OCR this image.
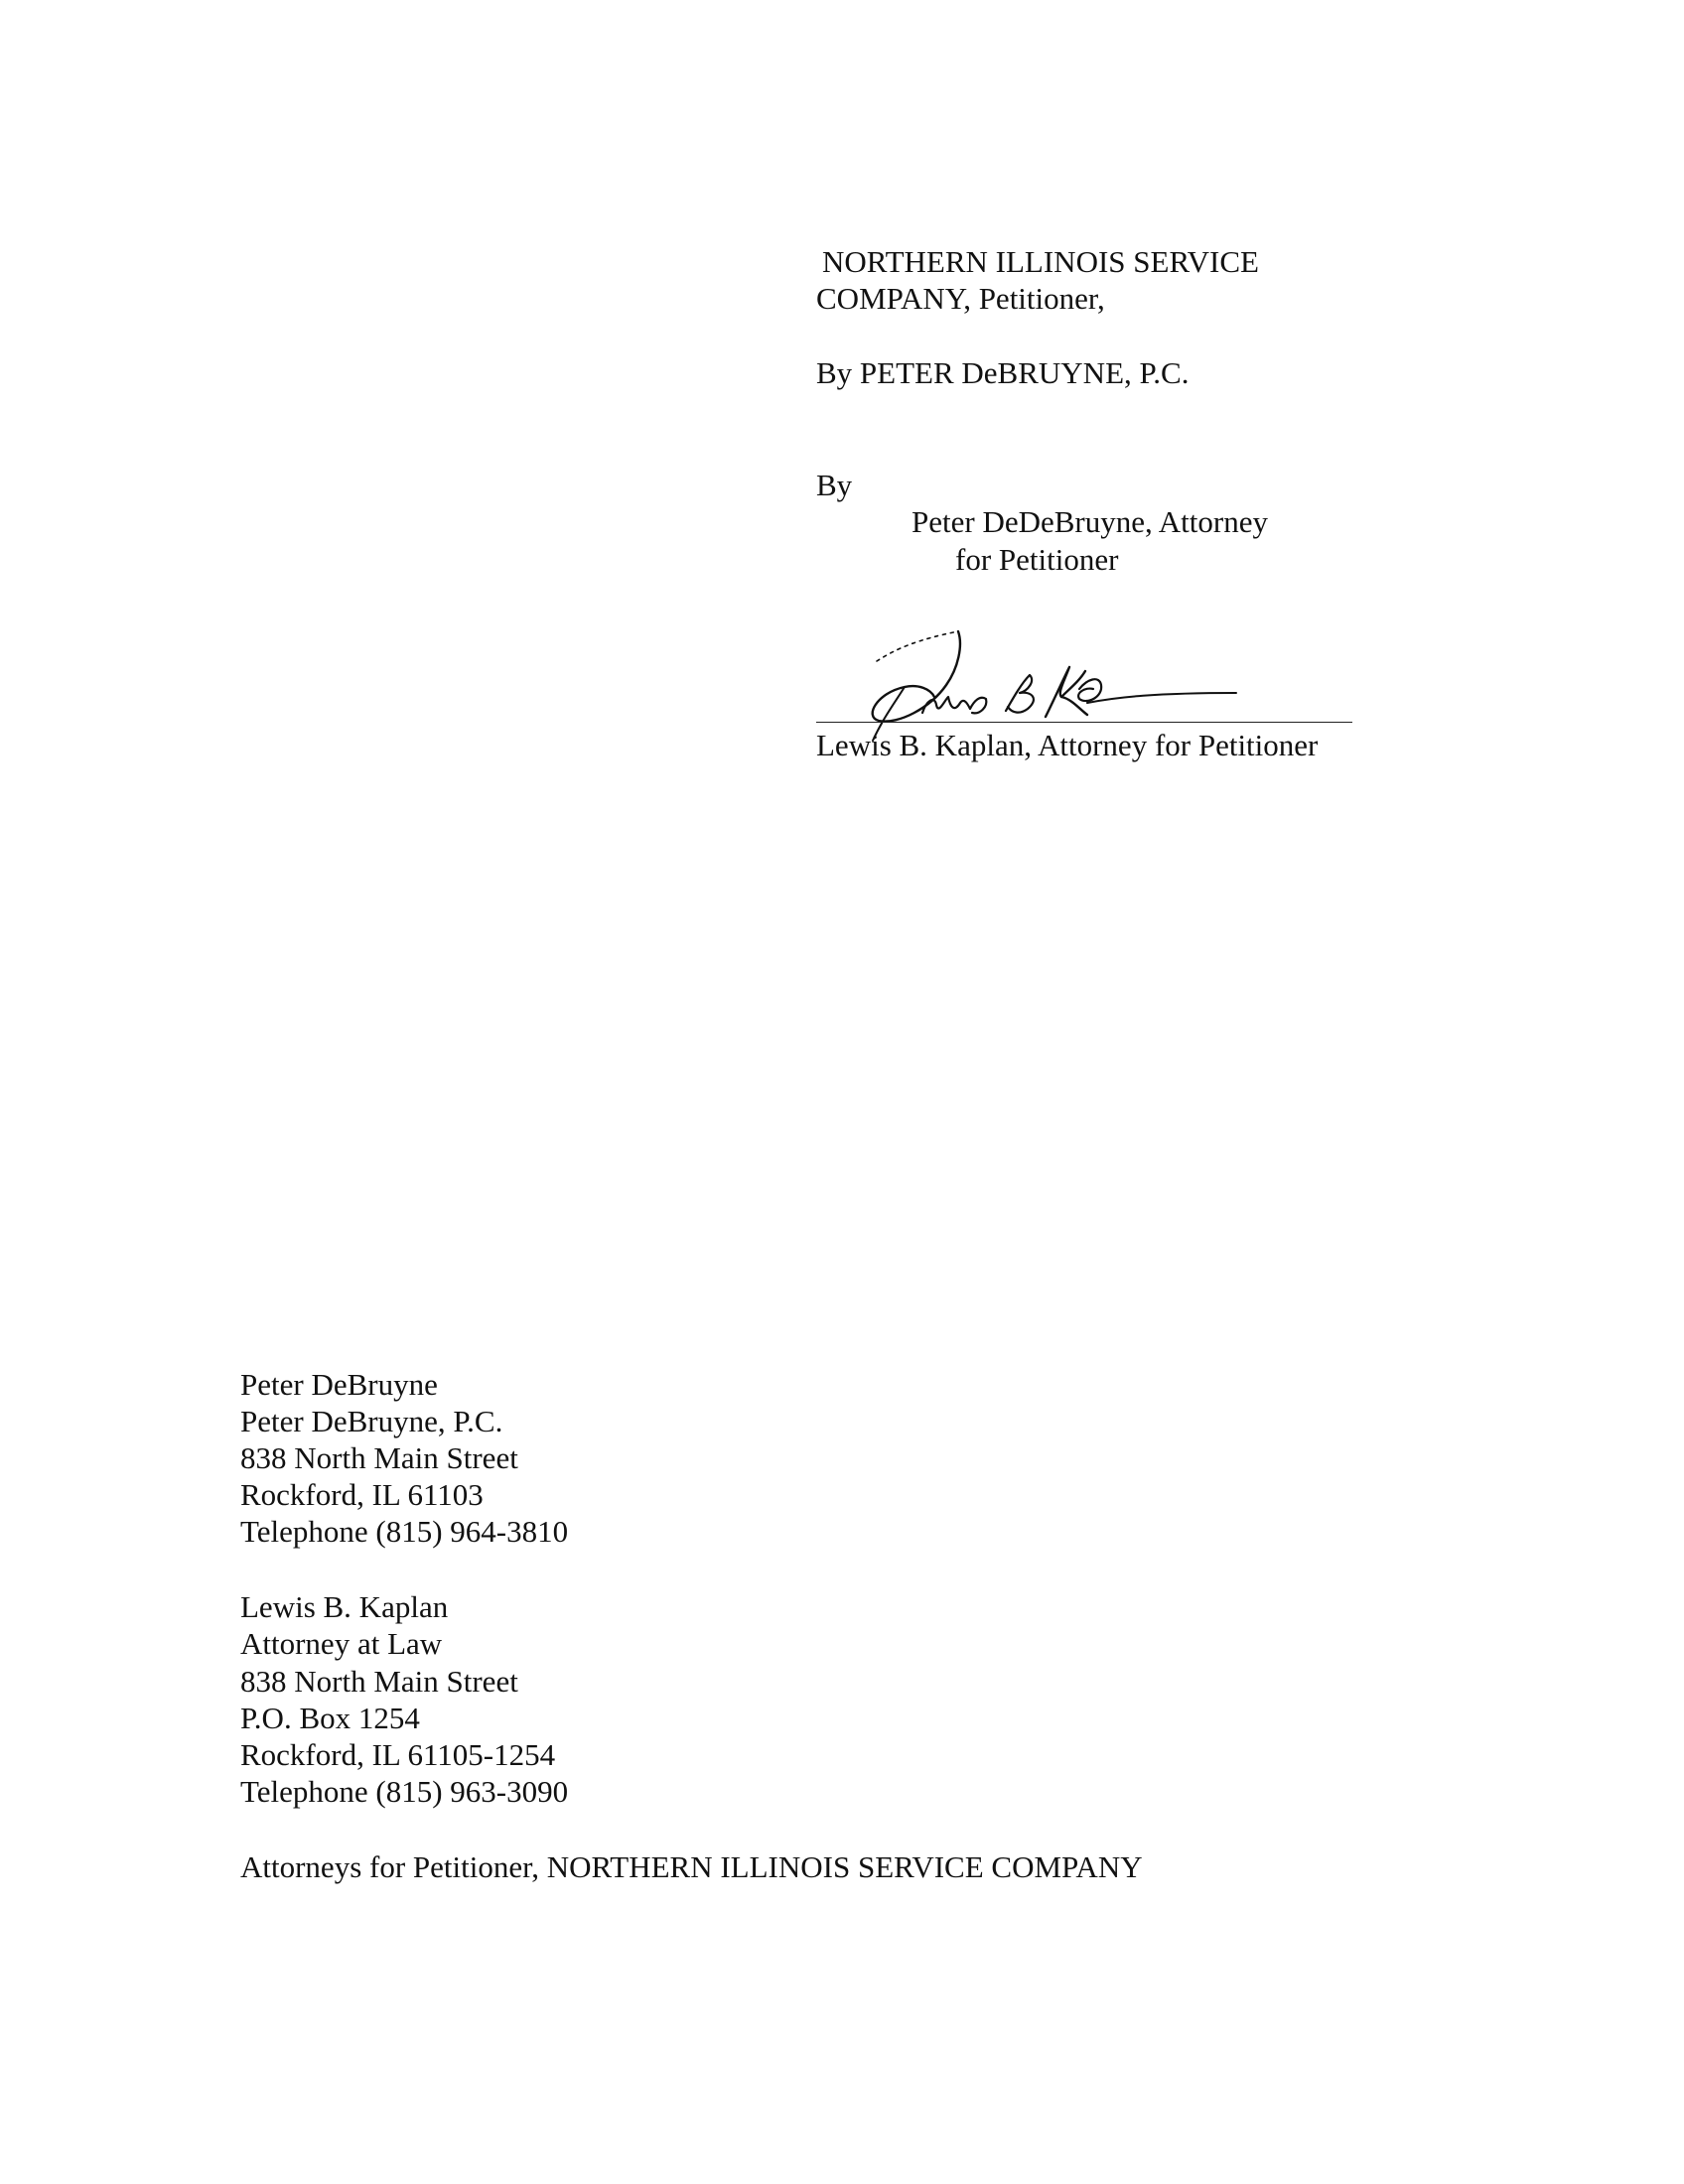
NORTHERN ILLINOIS SERVICE
COMPANY, Petitioner,
By PETER DeBRUYNE, P.C.
By
Peter DeDeBruyne, Attorney
for Petitioner
Lewis B. Kaplan, Attorney for Petitioner
Peter DeBruyne
Peter DeBruyne, P.C.
838 North Main Street
Rockford, IL 61103
Telephone (815) 964-3810
Lewis B. Kaplan
Attorney at Law
838 North Main Street
P.O. Box 1254
Rockford, IL 61105-1254
Telephone (815) 963-3090
Attorneys for Petitioner, NORTHERN ILLINOIS SERVICE COMPANY
